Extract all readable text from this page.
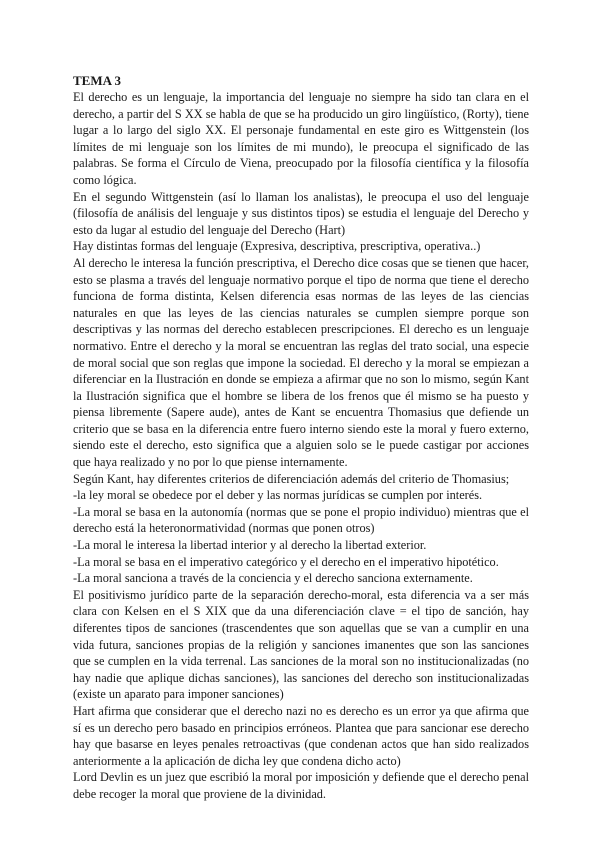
TEMA 3

El derecho es un lenguaje, la importancia del lenguaje no siempre ha sido tan clara en el derecho, a partir del S XX se habla de que se ha producido un giro lingüístico, (Rorty), tiene lugar a lo largo del siglo XX. El personaje fundamental en este giro es Wittgenstein (los límites de mi lenguaje son los límites de mi mundo), le preocupa el significado de las palabras. Se forma el Círculo de Viena, preocupado por la filosofía científica y la filosofía como lógica.

En el segundo Wittgenstein (así lo llaman los analistas), le preocupa el uso del lenguaje (filosofía de análisis del lenguaje y sus distintos tipos) se estudia el lenguaje del Derecho y esto da lugar al estudio del lenguaje del Derecho (Hart)

Hay distintas formas del lenguaje (Expresiva, descriptiva, prescriptiva, operativa..)

Al derecho le interesa la función prescriptiva, el Derecho dice cosas que se tienen que hacer, esto se plasma a través del lenguaje normativo porque el tipo de norma que tiene el derecho funciona de forma distinta, Kelsen diferencia esas normas de las leyes de las ciencias naturales en que las leyes de las ciencias naturales se cumplen siempre porque son descriptivas y las normas del derecho establecen prescripciones. El derecho es un lenguaje normativo. Entre el derecho y la moral se encuentran las reglas del trato social, una especie de moral social que son reglas que impone la sociedad. El derecho y la moral se empiezan a diferenciar en la Ilustración en donde se empieza a afirmar que no son lo mismo, según Kant la Ilustración significa que el hombre se libera de los frenos que él mismo se ha puesto y piensa libremente (Sapere aude), antes de Kant se encuentra Thomasius que defiende un criterio que se basa en la diferencia entre fuero interno siendo este la moral y fuero externo, siendo este el derecho, esto significa que a alguien solo se le puede castigar por acciones que haya realizado y no por lo que piense internamente.

Según Kant, hay diferentes criterios de diferenciación además del criterio de Thomasius;

-la ley moral se obedece por el deber y las normas jurídicas se cumplen por interés.

-La moral se basa en la autonomía (normas que se pone el propio individuo) mientras que el derecho está la heteronormatividad (normas que ponen otros)

-La moral le interesa la libertad interior y al derecho la libertad exterior.

-La moral se basa en el imperativo categórico y el derecho en el imperativo hipotético.

-La moral sanciona a través de la conciencia y el derecho sanciona externamente.

El positivismo jurídico parte de la separación derecho-moral, esta diferencia va a ser más clara con Kelsen en el S XIX que da una diferenciación clave = el tipo de sanción, hay diferentes tipos de sanciones (trascendentes que son aquellas que se van a cumplir en una vida futura, sanciones propias de la religión y sanciones imanentes que son las sanciones que se cumplen en la vida terrenal. Las sanciones de la moral son no institucionalizadas (no hay nadie que aplique dichas sanciones), las sanciones del derecho son institucionalizadas (existe un aparato para imponer sanciones)

Hart afirma que considerar que el derecho nazi no es derecho es un error ya que afirma que sí es un derecho pero basado en principios erróneos. Plantea que para sancionar ese derecho hay que basarse en leyes penales retroactivas (que condenan actos que han sido realizados anteriormente a la aplicación de dicha ley que condena dicho acto)

Lord Devlin es un juez que escribió la moral por imposición y defiende que el derecho penal debe recoger la moral que proviene de la divinidad.
